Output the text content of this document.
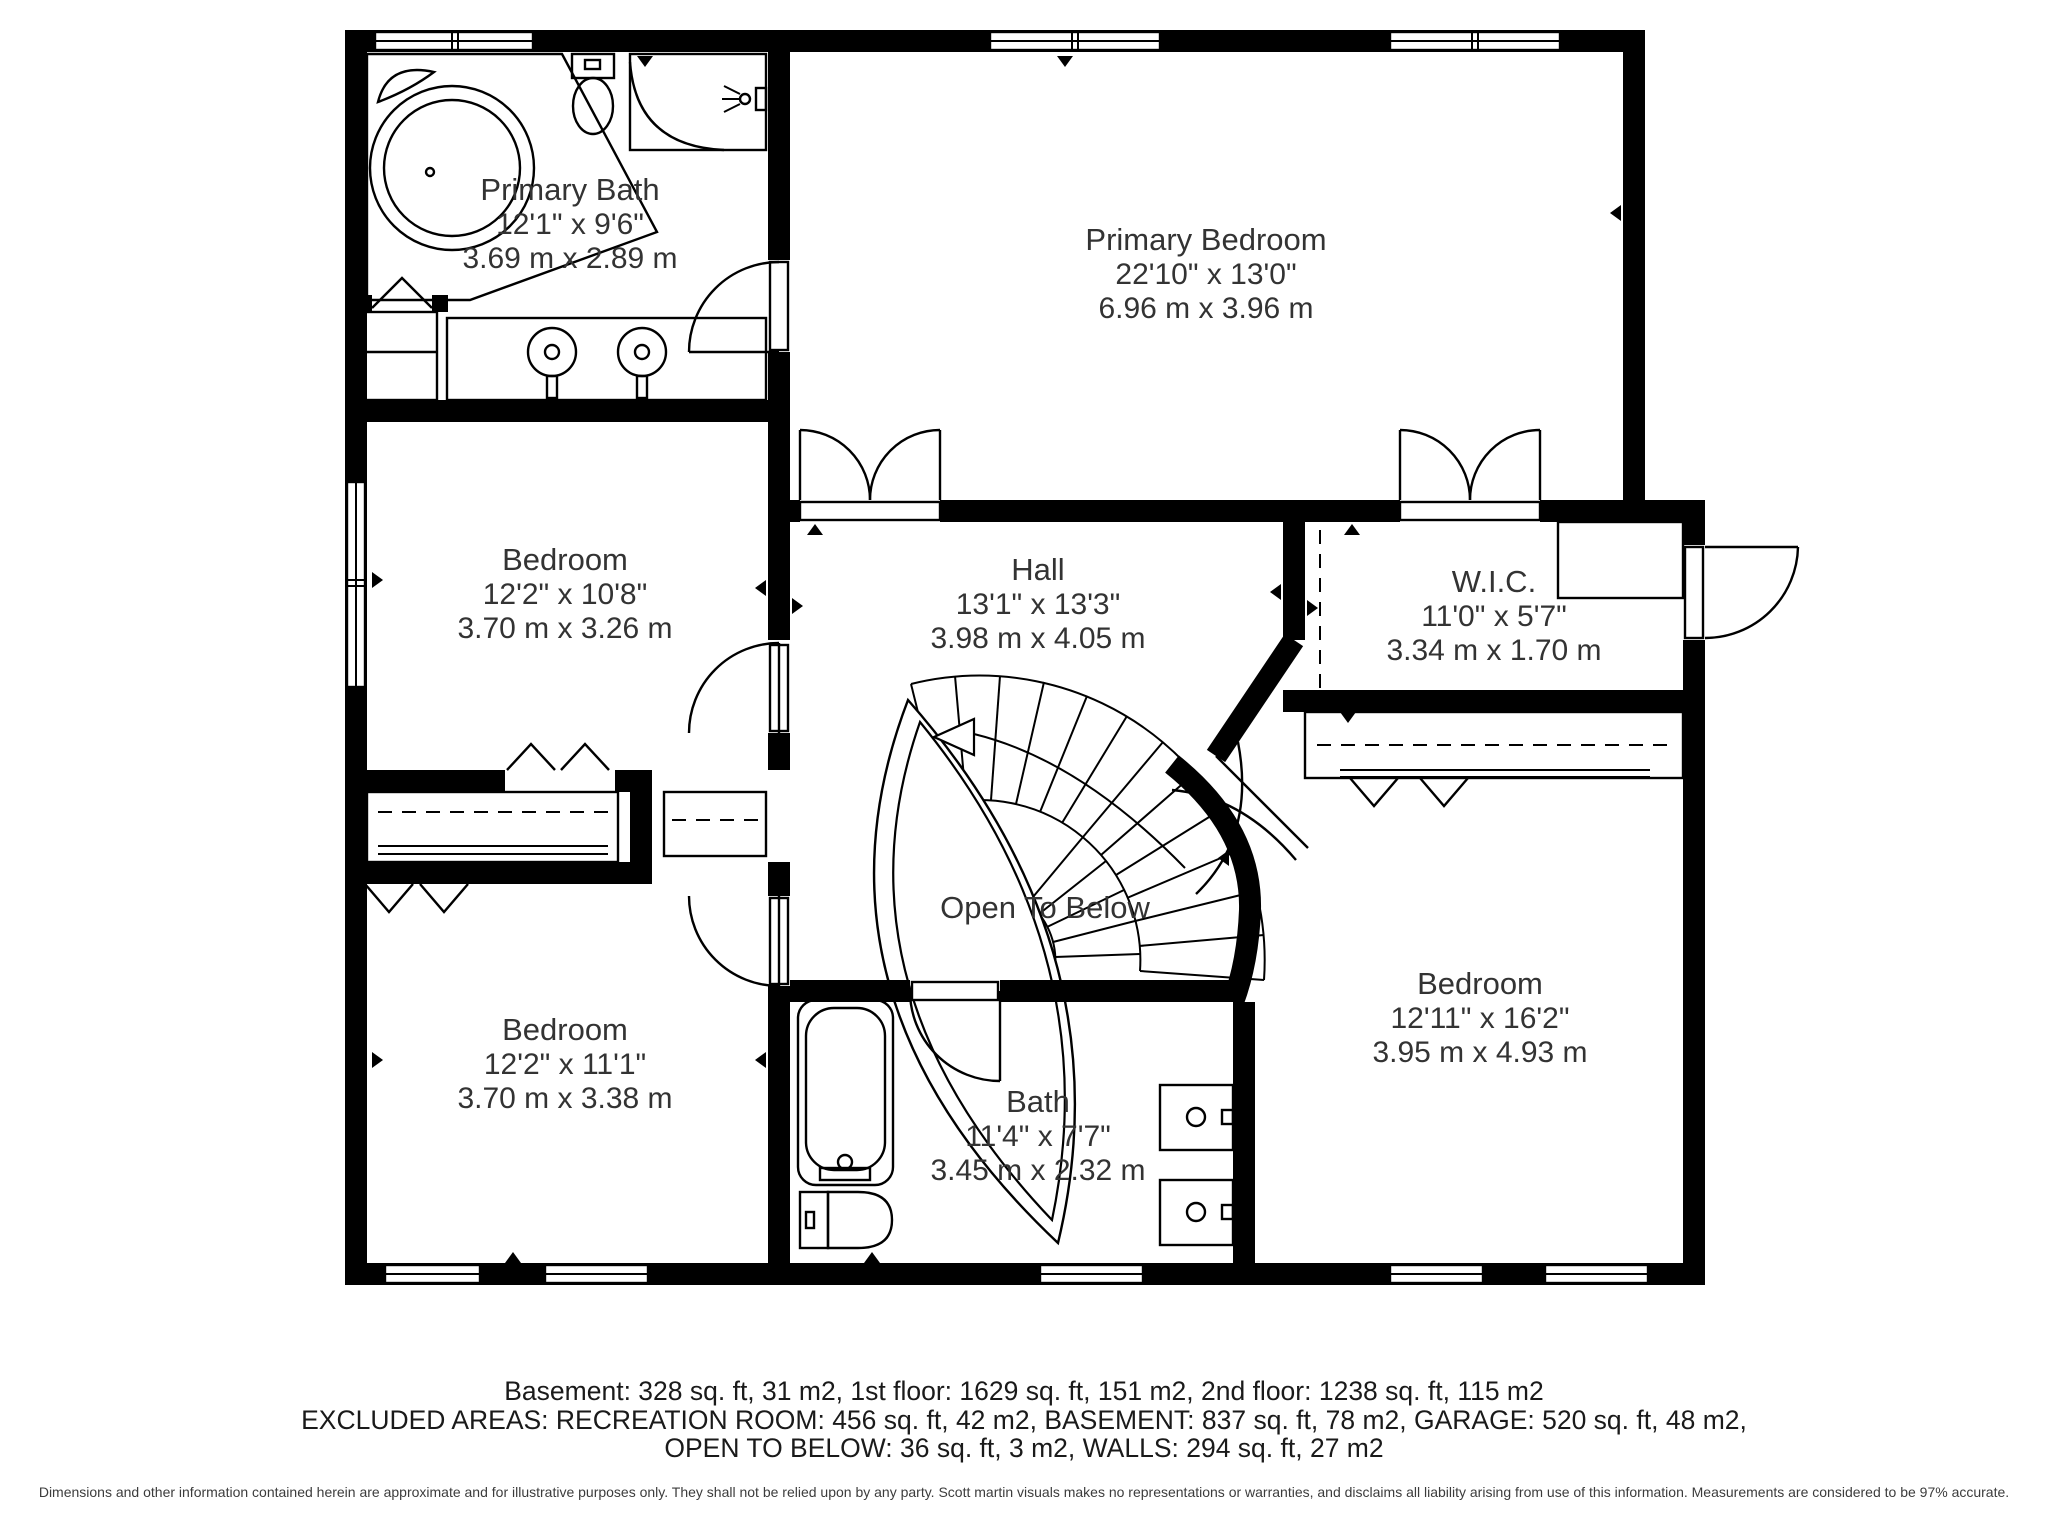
Primary Bath
12'1" x 9'6"
3.69 m x 2.89 m
Primary Bedroom
22'10" x 13'0"
6.96 m x 3.96 m
Bedroom
12'2" x 10'8"
3.70 m x 3.26 m
Hall
13'1" x 13'3"
3.98 m x 4.05 m
W.I.C.
11'0" x 5'7"
3.34 m x 1.70 m
Bedroom
12'2" x 11'1"
3.70 m x 3.38 m	Bath
11'4" x 7'7"
3.45 m x 2.32 m
Bedroom
12'11" x 16'2"
3.95 m x 4.93 m
Open To Below
Basement: 328 sq. ft, 31 m2, 1st floor: 1629 sq. ft, 151 m2, 2nd floor: 1238 sq. ft, 115 m2
EXCLUDED AREAS: RECREATION ROOM: 456 sq. ft, 42 m2, BASEMENT: 837 sq. ft, 78 m2, GARAGE: 520 sq. ft, 48 m2,
OPEN TO BELOW: 36 sq. ft, 3 m2, WALLS: 294 sq. ft, 27 m2
Dimensions and other information contained herein are approximate and for illustrative purposes only. They shall not be relied upon by any party. Scott martin visuals makes no representations or warranties, and disclaims all liability arising from use of this information. Measurements are considered to be 97% accurate.
